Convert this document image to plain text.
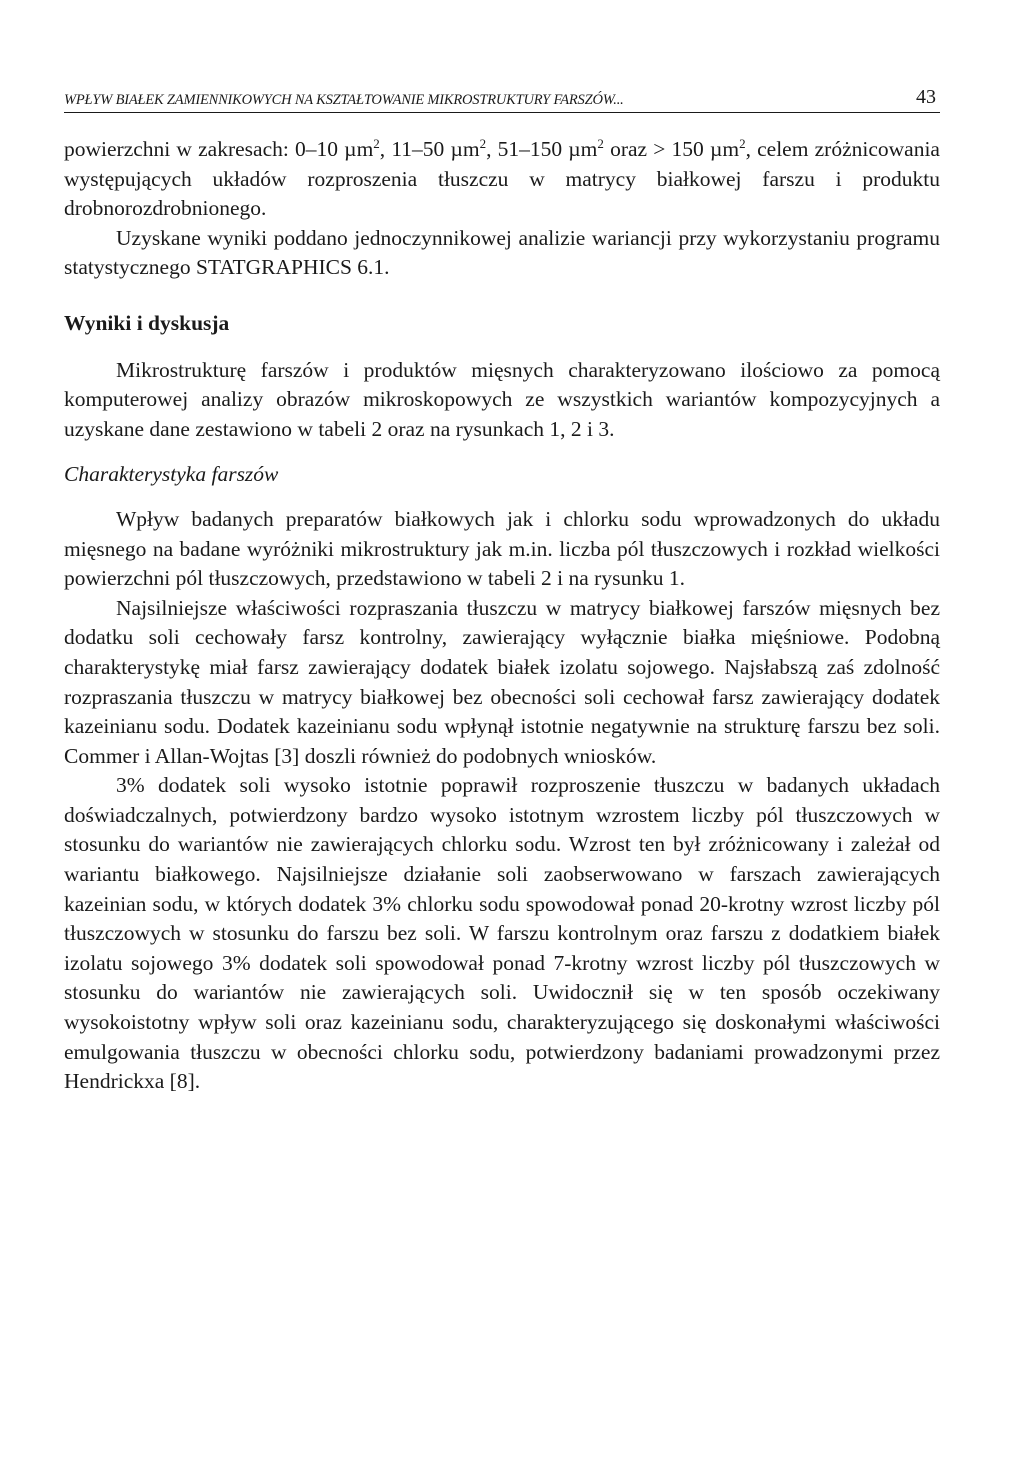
WPŁYW BIAŁEK ZAMIENNIKOWYCH NA KSZTAŁTOWANIE MIKROSTRUKTURY FARSZÓW...	43

powierzchni w zakresach: 0–10 µm$^2$, 11–50 µm$^2$, 51–150 µm$^2$ oraz > 150 µm$^2$, celem zróżnicowania występujących układów rozproszenia tłuszczu w matrycy białkowej farszu i produktu drobnorozdrobnionego.

Uzyskane wyniki poddano jednoczynnikowej analizie wariancji przy wykorzystaniu programu statystycznego STATGRAPHICS 6.1.

Wyniki i dyskusja

Mikrostrukturę farszów i produktów mięsnych charakteryzowano ilościowo za pomocą komputerowej analizy obrazów mikroskopowych ze wszystkich wariantów kompozycyjnych a uzyskane dane zestawiono w tabeli 2 oraz na rysunkach 1, 2 i 3.

Charakterystyka farszów

Wpływ badanych preparatów białkowych jak i chlorku sodu wprowadzonych do układu mięsnego na badane wyróżniki mikrostruktury jak m.in. liczba pól tłuszczowych i rozkład wielkości powierzchni pól tłuszczowych, przedstawiono w tabeli 2 i na rysunku 1.

Najsilniejsze właściwości rozpraszania tłuszczu w matrycy białkowej farszów mięsnych bez dodatku soli cechowały farsz kontrolny, zawierający wyłącznie białka mięśniowe. Podobną charakterystykę miał farsz zawierający dodatek białek izolatu sojowego. Najsłabszą zaś zdolność rozpraszania tłuszczu w matrycy białkowej bez obecności soli cechował farsz zawierający dodatek kazeinianu sodu. Dodatek kazeinianu sodu wpłynął istotnie negatywnie na strukturę farszu bez soli. Commer i Allan-Wojtas [3] doszli również do podobnych wniosków.

3% dodatek soli wysoko istotnie poprawił rozproszenie tłuszczu w badanych układach doświadczalnych, potwierdzony bardzo wysoko istotnym wzrostem liczby pól tłuszczowych w stosunku do wariantów nie zawierających chlorku sodu. Wzrost ten był zróżnicowany i zależał od wariantu białkowego. Najsilniejsze działanie soli zaobserwowano w farszach zawierających kazeinian sodu, w których dodatek 3% chlorku sodu spowodował ponad 20-krotny wzrost liczby pól tłuszczowych w stosunku do farszu bez soli. W farszu kontrolnym oraz farszu z dodatkiem białek izolatu sojowego 3% dodatek soli spowodował ponad 7-krotny wzrost liczby pól tłuszczowych w stosunku do wariantów nie zawierających soli. Uwidocznił się w ten sposób oczekiwany wysokoistotny wpływ soli oraz kazeinianu sodu, charakteryzującego się doskonałymi właściwości emulgowania tłuszczu w obecności chlorku sodu, potwierdzony badaniami prowadzonymi przez Hendrickxa [8].
